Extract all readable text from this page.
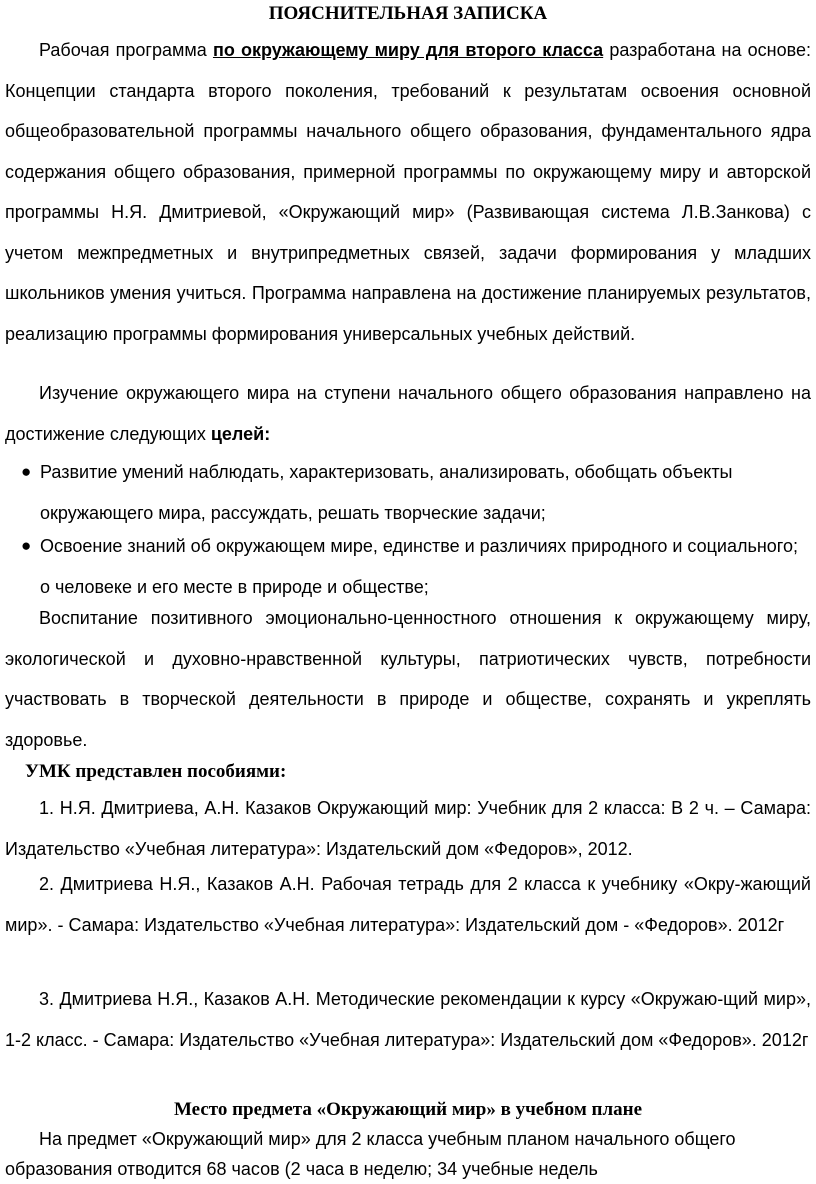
ПОЯСНИТЕЛЬНАЯ ЗАПИСКА
Рабочая программа по окружающему миру для второго класса разработана на основе: Концепции стандарта второго поколения, требований к результатам освоения основной общеобразовательной программы начального общего образования, фундаментального ядра содержания общего образования, примерной программы по окружающему миру и авторской программы Н.Я. Дмитриевой, «Окружающий мир» (Развивающая система Л.В.Занкова) с учетом межпредметных и внутрипредметных связей, задачи формирования у младших школьников умения учиться. Программа направлена на достижение планируемых результатов, реализацию программы формирования универсальных учебных действий.
Изучение окружающего мира на ступени начального общего образования направлено на достижение следующих целей:
● Развитие умений наблюдать, характеризовать, анализировать, обобщать объекты окружающего мира, рассуждать, решать творческие задачи;
● Освоение знаний об окружающем мире, единстве и различиях природного и социального; о человеке и его месте в природе и обществе;
Воспитание позитивного эмоционально-ценностного отношения к окружающему миру, экологической и духовно-нравственной культуры, патриотических чувств, потребности участвовать в творческой деятельности в природе и обществе, сохранять и укреплять здоровье.
УМК представлен пособиями:
1. Н.Я. Дмитриева, А.Н. Казаков Окружающий мир: Учебник для 2 класса: В 2 ч. – Самара: Издательство «Учебная литература»: Издательский дом «Федоров», 2012.
2. Дмитриева Н.Я., Казаков А.Н. Рабочая тетрадь для 2 класса к учебнику «Окру-жающий мир». - Самара: Издательство «Учебная литература»: Издательский дом - «Федоров». 2012г
3. Дмитриева Н.Я., Казаков А.Н. Методические рекомендации к курсу «Окружаю-щий мир», 1-2 класс. - Самара: Издательство «Учебная литература»: Издательский дом «Федоров». 2012г
Место предмета «Окружающий мир» в учебном плане
На предмет «Окружающий мир» для 2 класса учебным планом начального общего образования отводится 68 часов (2 часа в неделю; 34 учебные недель
